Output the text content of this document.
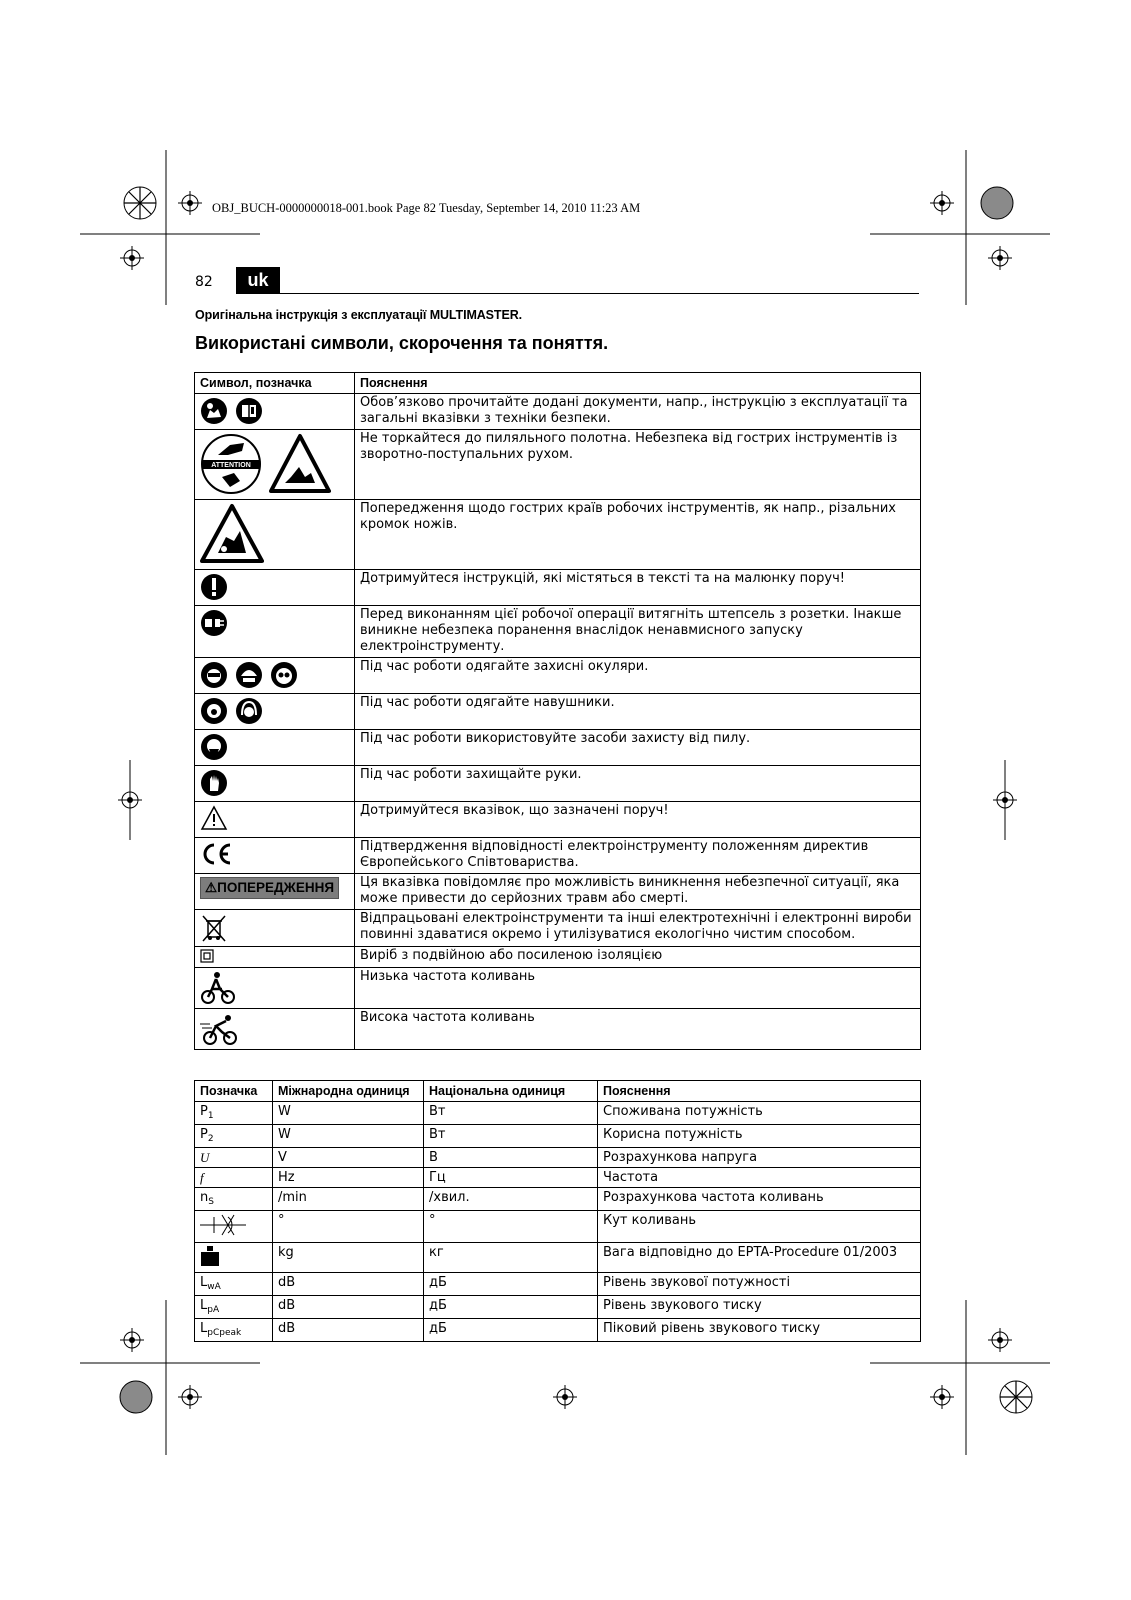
OBJ_BUCH-0000000018-001.book Page 82 Tuesday, September 14, 2010 11:23 AM
82	uk
Оригінальна інструкція з експлуатації MULTIMASTER.
Використані символи, скорочення та поняття.
Символ, позначка	Пояснення
	Обов’язково прочитайте додані документи, напр., інструкцію з експлуатації та загальні вказівки з техніки безпеки.

ATTENTION	Не торкайтеся до пиляльного полотна. Небезпека від гострих інструментів із зворотно-поступальних рухом.
	Попередження щодо гострих країв робочих інструментів, як напр., різальних кромок ножів.
	Дотримуйтеся інструкцій, які містяться в тексті та на малюнку поруч!
	Перед виконанням цієї робочої операції витягніть штепсель з розетки. Інакше виникне небезпека поранення внаслідок ненавмисного запуску електроінструменту.
	Під час роботи одягайте захисні окуляри.
	Під час роботи одягайте навушники.
	Під час роботи використовуйте засоби захисту від пилу.
	Під час роботи захищайте руки.
	Дотримуйтеся вказівок, що зазначені поруч!
	Підтвердження відповідності електроінструменту положенням директив Європейського Співтовариства.
⚠ПОПЕРЕДЖЕННЯ	Ця вказівка повідомляє про можливість виникнення небезпечної ситуації, яка може привести до серйозних травм або смерті.
	Відпрацьовані електроінструменти та інші електротехнічні і електронні вироби повинні здаватися окремо і утилізуватися екологічно чистим способом.
	Виріб з подвійною або посиленою ізоляцією
	Низька частота коливань
	Висока частота коливань
Позначка	Міжнародна одиниця	Національна одиниця	Пояснення
$P_1$	W	Вт	Споживана потужність
$P_2$	W	Вт	Корисна потужність
U	V	В	Розрахункова напруга
f	Hz	Гц	Частота
$n_S$	/min	/хвил.	Розрахункова частота коливань
	°	°	Кут коливань
	kg	кг	Вага відповідно до EPTA-Procedure 01/2003
$L_{wA}$	dB	дБ	Рівень звукової потужності
$L_{pA}$	dB	дБ	Рівень звукового тиску
$L_{pCpeak}$	dB	дБ	Піковий рівень звукового тиску
